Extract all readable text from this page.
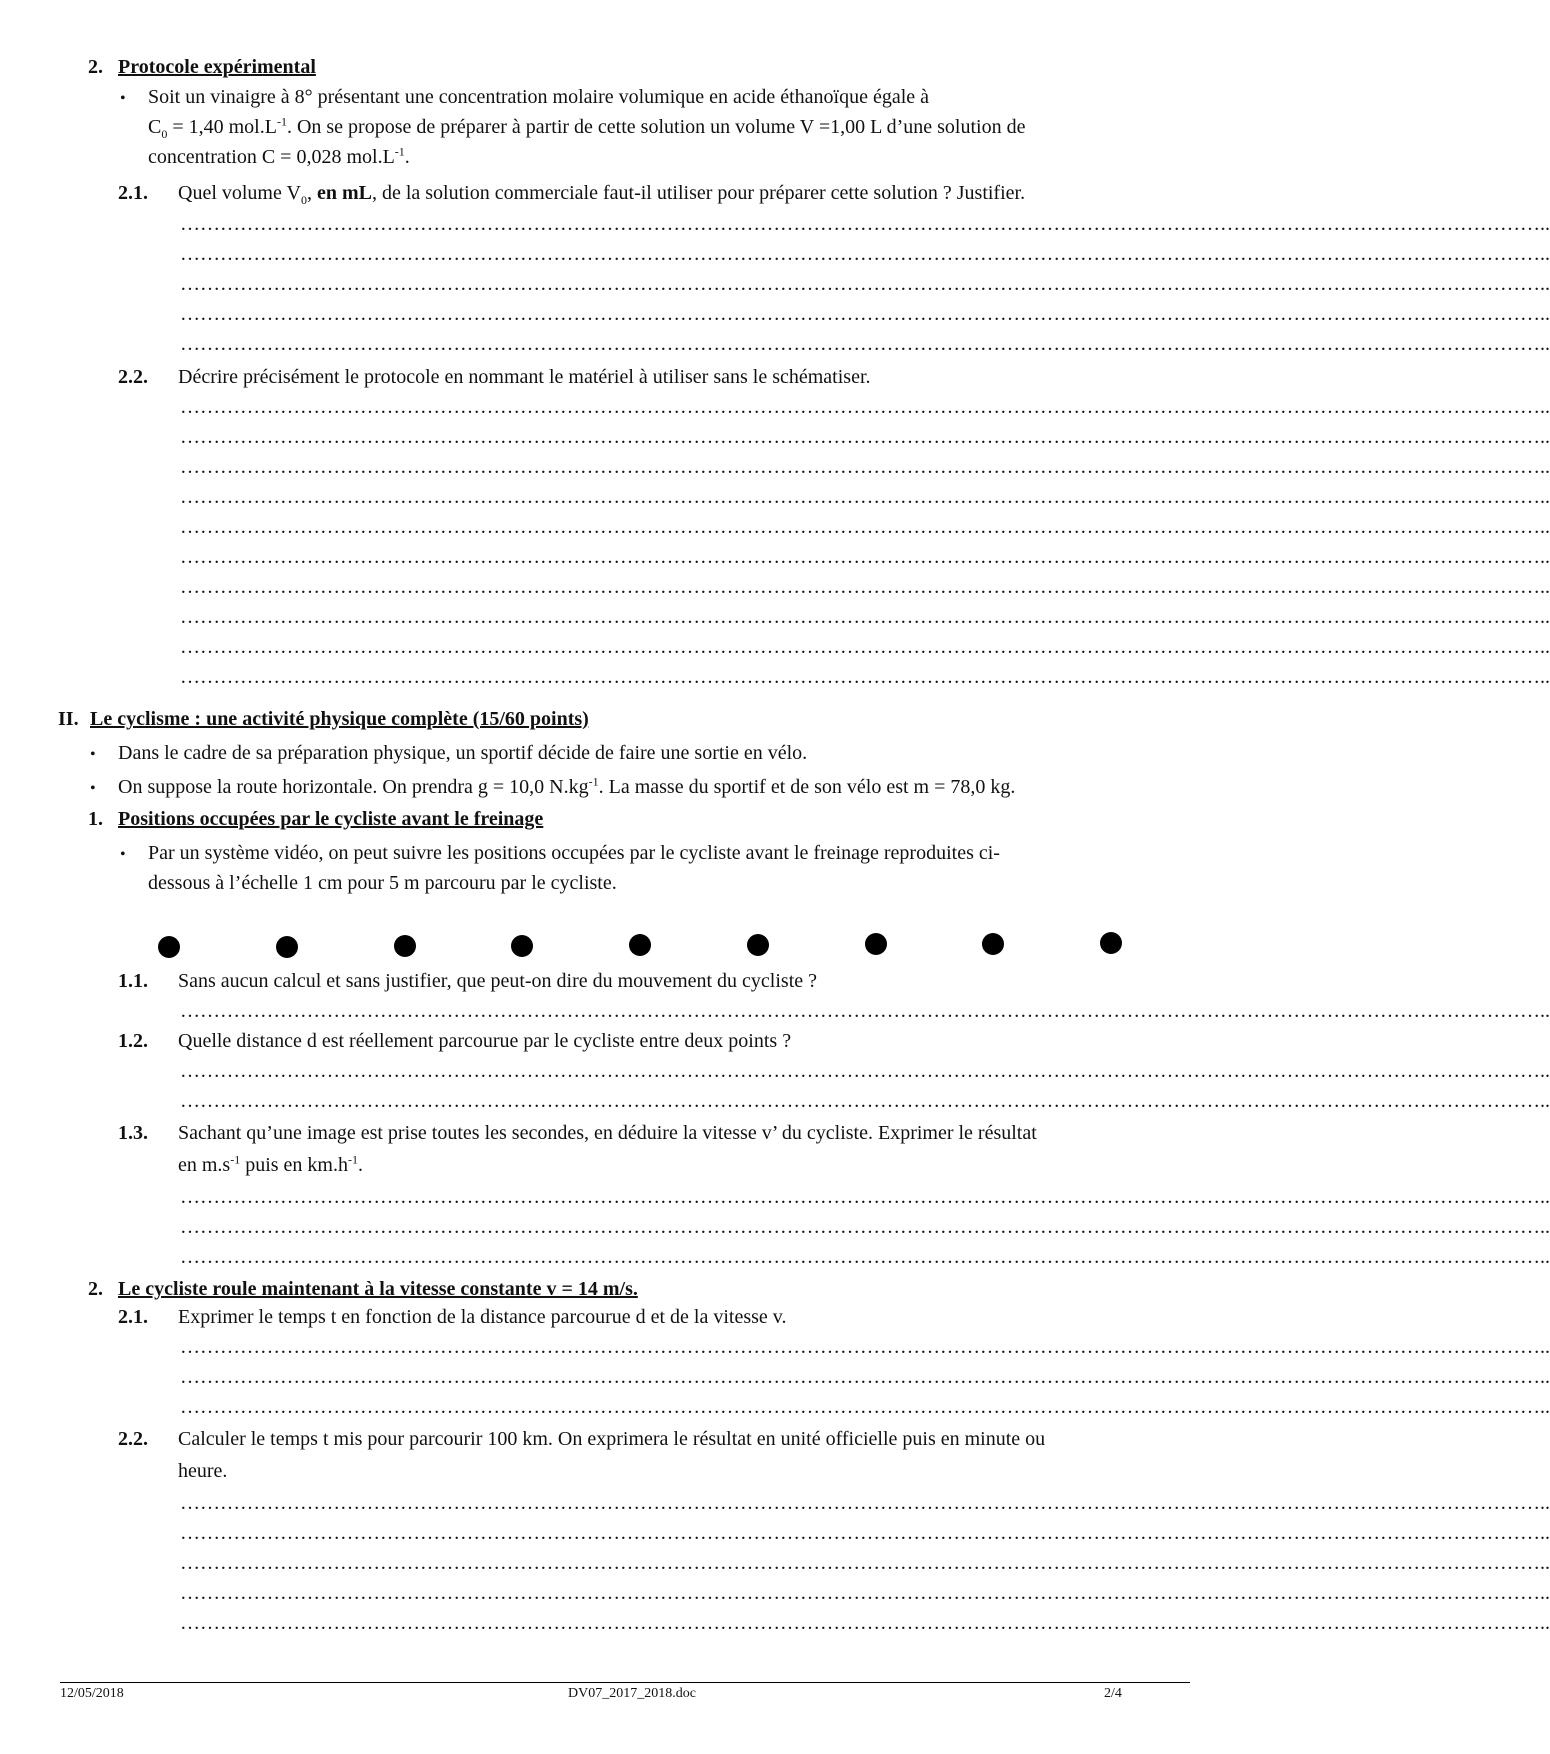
2. Protocole expérimental
• Soit un vinaigre à 8° présentant une concentration molaire volumique en acide éthanoïque égale à
$C_0 = 1,40$ $mol.L^{-1}$. On se propose de préparer à partir de cette solution un volume V =1,00 L d’une solution de
concentration C = 0,028 $mol.L^{-1}$.
2.1. Quel volume $V_0$, en mL, de la solution commerciale faut-il utiliser pour préparer cette solution ? Justifier.
……………………………………………………………………………………………………………………………………………………………………………………..
……………………………………………………………………………………………………………………………………………………………………………………..
……………………………………………………………………………………………………………………………………………………………………………………..
……………………………………………………………………………………………………………………………………………………………………………………..
……………………………………………………………………………………………………………………………………………………………………………………..
2.2. Décrire précisément le protocole en nommant le matériel à utiliser sans le schématiser.
……………………………………………………………………………………………………………………………………………………………………………………..
……………………………………………………………………………………………………………………………………………………………………………………..
……………………………………………………………………………………………………………………………………………………………………………………..
……………………………………………………………………………………………………………………………………………………………………………………..
……………………………………………………………………………………………………………………………………………………………………………………..
……………………………………………………………………………………………………………………………………………………………………………………..
……………………………………………………………………………………………………………………………………………………………………………………..
……………………………………………………………………………………………………………………………………………………………………………………..
……………………………………………………………………………………………………………………………………………………………………………………..
……………………………………………………………………………………………………………………………………………………………………………………..
II. Le cyclisme : une activité physique complète (15/60 points)
• Dans le cadre de sa préparation physique, un sportif décide de faire une sortie en vélo.
• On suppose la route horizontale. On prendra g = 10,0 $N.kg^{-1}$. La masse du sportif et de son vélo est m = 78,0 kg.
1. Positions occupées par le cycliste avant le freinage
• Par un système vidéo, on peut suivre les positions occupées par le cycliste avant le freinage reproduites ci-
dessous à l’échelle 1 cm pour 5 m parcouru par le cycliste.
1.1. Sans aucun calcul et sans justifier, que peut-on dire du mouvement du cycliste ?
……………………………………………………………………………………………………………………………………………………………………………………..
1.2. Quelle distance d est réellement parcourue par le cycliste entre deux points ?
……………………………………………………………………………………………………………………………………………………………………………………..
……………………………………………………………………………………………………………………………………………………………………………………..
1.3. Sachant qu’une image est prise toutes les secondes, en déduire la vitesse v’ du cycliste. Exprimer le résultat
en $m.s^{-1}$ puis en $km.h^{-1}$.
……………………………………………………………………………………………………………………………………………………………………………………..
……………………………………………………………………………………………………………………………………………………………………………………..
……………………………………………………………………………………………………………………………………………………………………………………..
2. Le cycliste roule maintenant à la vitesse constante v = 14 m/s.
2.1. Exprimer le temps t en fonction de la distance parcourue d et de la vitesse v.
……………………………………………………………………………………………………………………………………………………………………………………..
……………………………………………………………………………………………………………………………………………………………………………………..
……………………………………………………………………………………………………………………………………………………………………………………..
2.2. Calculer le temps t mis pour parcourir 100 km. On exprimera le résultat en unité officielle puis en minute ou
heure.
……………………………………………………………………………………………………………………………………………………………………………………..
……………………………………………………………………………………………………………………………………………………………………………………..
……………………………………………………………………………………………………………………………………………………………………………………..
……………………………………………………………………………………………………………………………………………………………………………………..
……………………………………………………………………………………………………………………………………………………………………………………..
12/05/2018	DV07_2017_2018.doc	2/4
